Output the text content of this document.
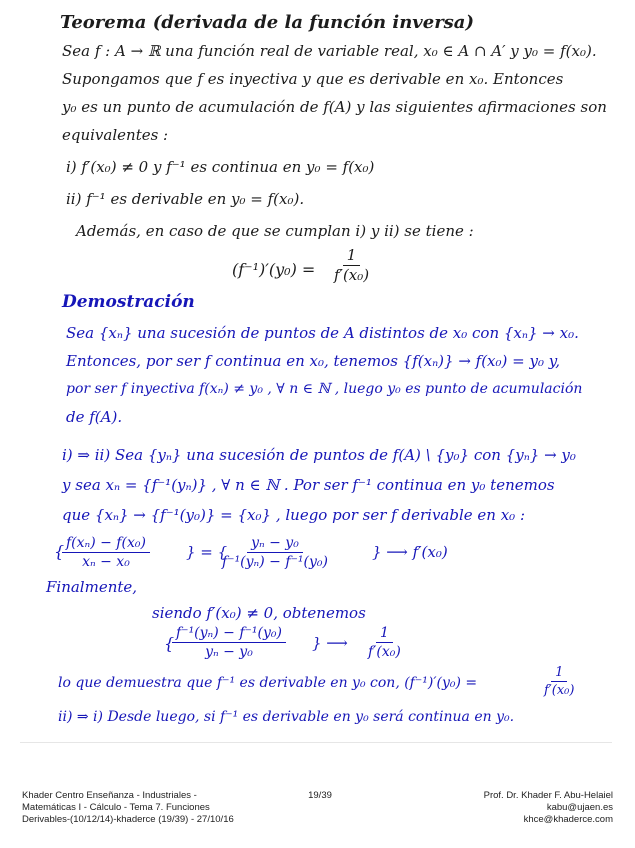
Teorema (derivada de la función inversa)
Sea f : A → ℝ una función real de variable real, x₀ ∈ A ∩ A′ y y₀ = f(x₀).
Supongamos que f es inyectiva y que es derivable en x₀. Entonces
y₀ es un punto de acumulación de f(A) y las siguientes afirmaciones son
equivalentes :
i) f′(x₀) ≠ 0 y f⁻¹ es continua en y₀ = f(x₀)
ii) f⁻¹ es derivable en y₀ = f(x₀).
Además, en caso de que se cumplan i) y ii) se tiene :
$(f^{-1})'(y_0) = \frac{1}{\text{f′(x₀)}}$
Demostración
Sea {xₙ} una sucesión de puntos de A distintos de x₀ con {xₙ} → x₀.
Entonces, por ser f continua en x₀, tenemos {f(xₙ)} → f(x₀) = y₀ y,
por ser f inyectiva f(xₙ) ≠ y₀ , ∀ n ∈ ℕ , luego y₀ es punto de acumulación
de f(A).
i) ⇒ ii) Sea {yₙ} una sucesión de puntos de f(A) \ {y₀} con {yₙ} → y₀
y sea xₙ = {f⁻¹(yₙ)} , ∀ n ∈ ℕ . Por ser f⁻¹ continua en y₀ tenemos
que {xₙ} → {f⁻¹(y₀)} = {x₀} , luego por ser f derivable en x₀ :
{
$\frac{\text{f(xₙ) − f(x₀)}}{\text{xₙ − x₀}}$ } = {
$\frac{\text{yₙ − y₀}}{\text{f⁻¹(yₙ) − f⁻¹(y₀)}}$	} ⟶ f′(x₀)
Finalmente,
siendo f′(x₀) ≠ 0, obtenemos
{
$\frac{\text{f⁻¹(yₙ) − f⁻¹(y₀)}}{\text{yₙ − y₀}}$ } ⟶ $\frac{1}{\text{f′(x₀)}}$
lo que demuestra que f⁻¹ es derivable en y₀ con, (f⁻¹)′(y₀) =	$\frac{1}{\text{f′(x₀)}}$
ii) ⇒ i) Desde luego, si f⁻¹ es derivable en y₀ será continua en y₀.
Khader Centro Enseñanza - Industriales -
Matemáticas I - Cálculo - Tema 7. Funciones
Derivables-(10/12/14)-khaderce (19/39) - 27/10/16
19/39	Prof. Dr. Khader F. Abu-Helaiel
kabu@ujaen.es
khce@khaderce.com
